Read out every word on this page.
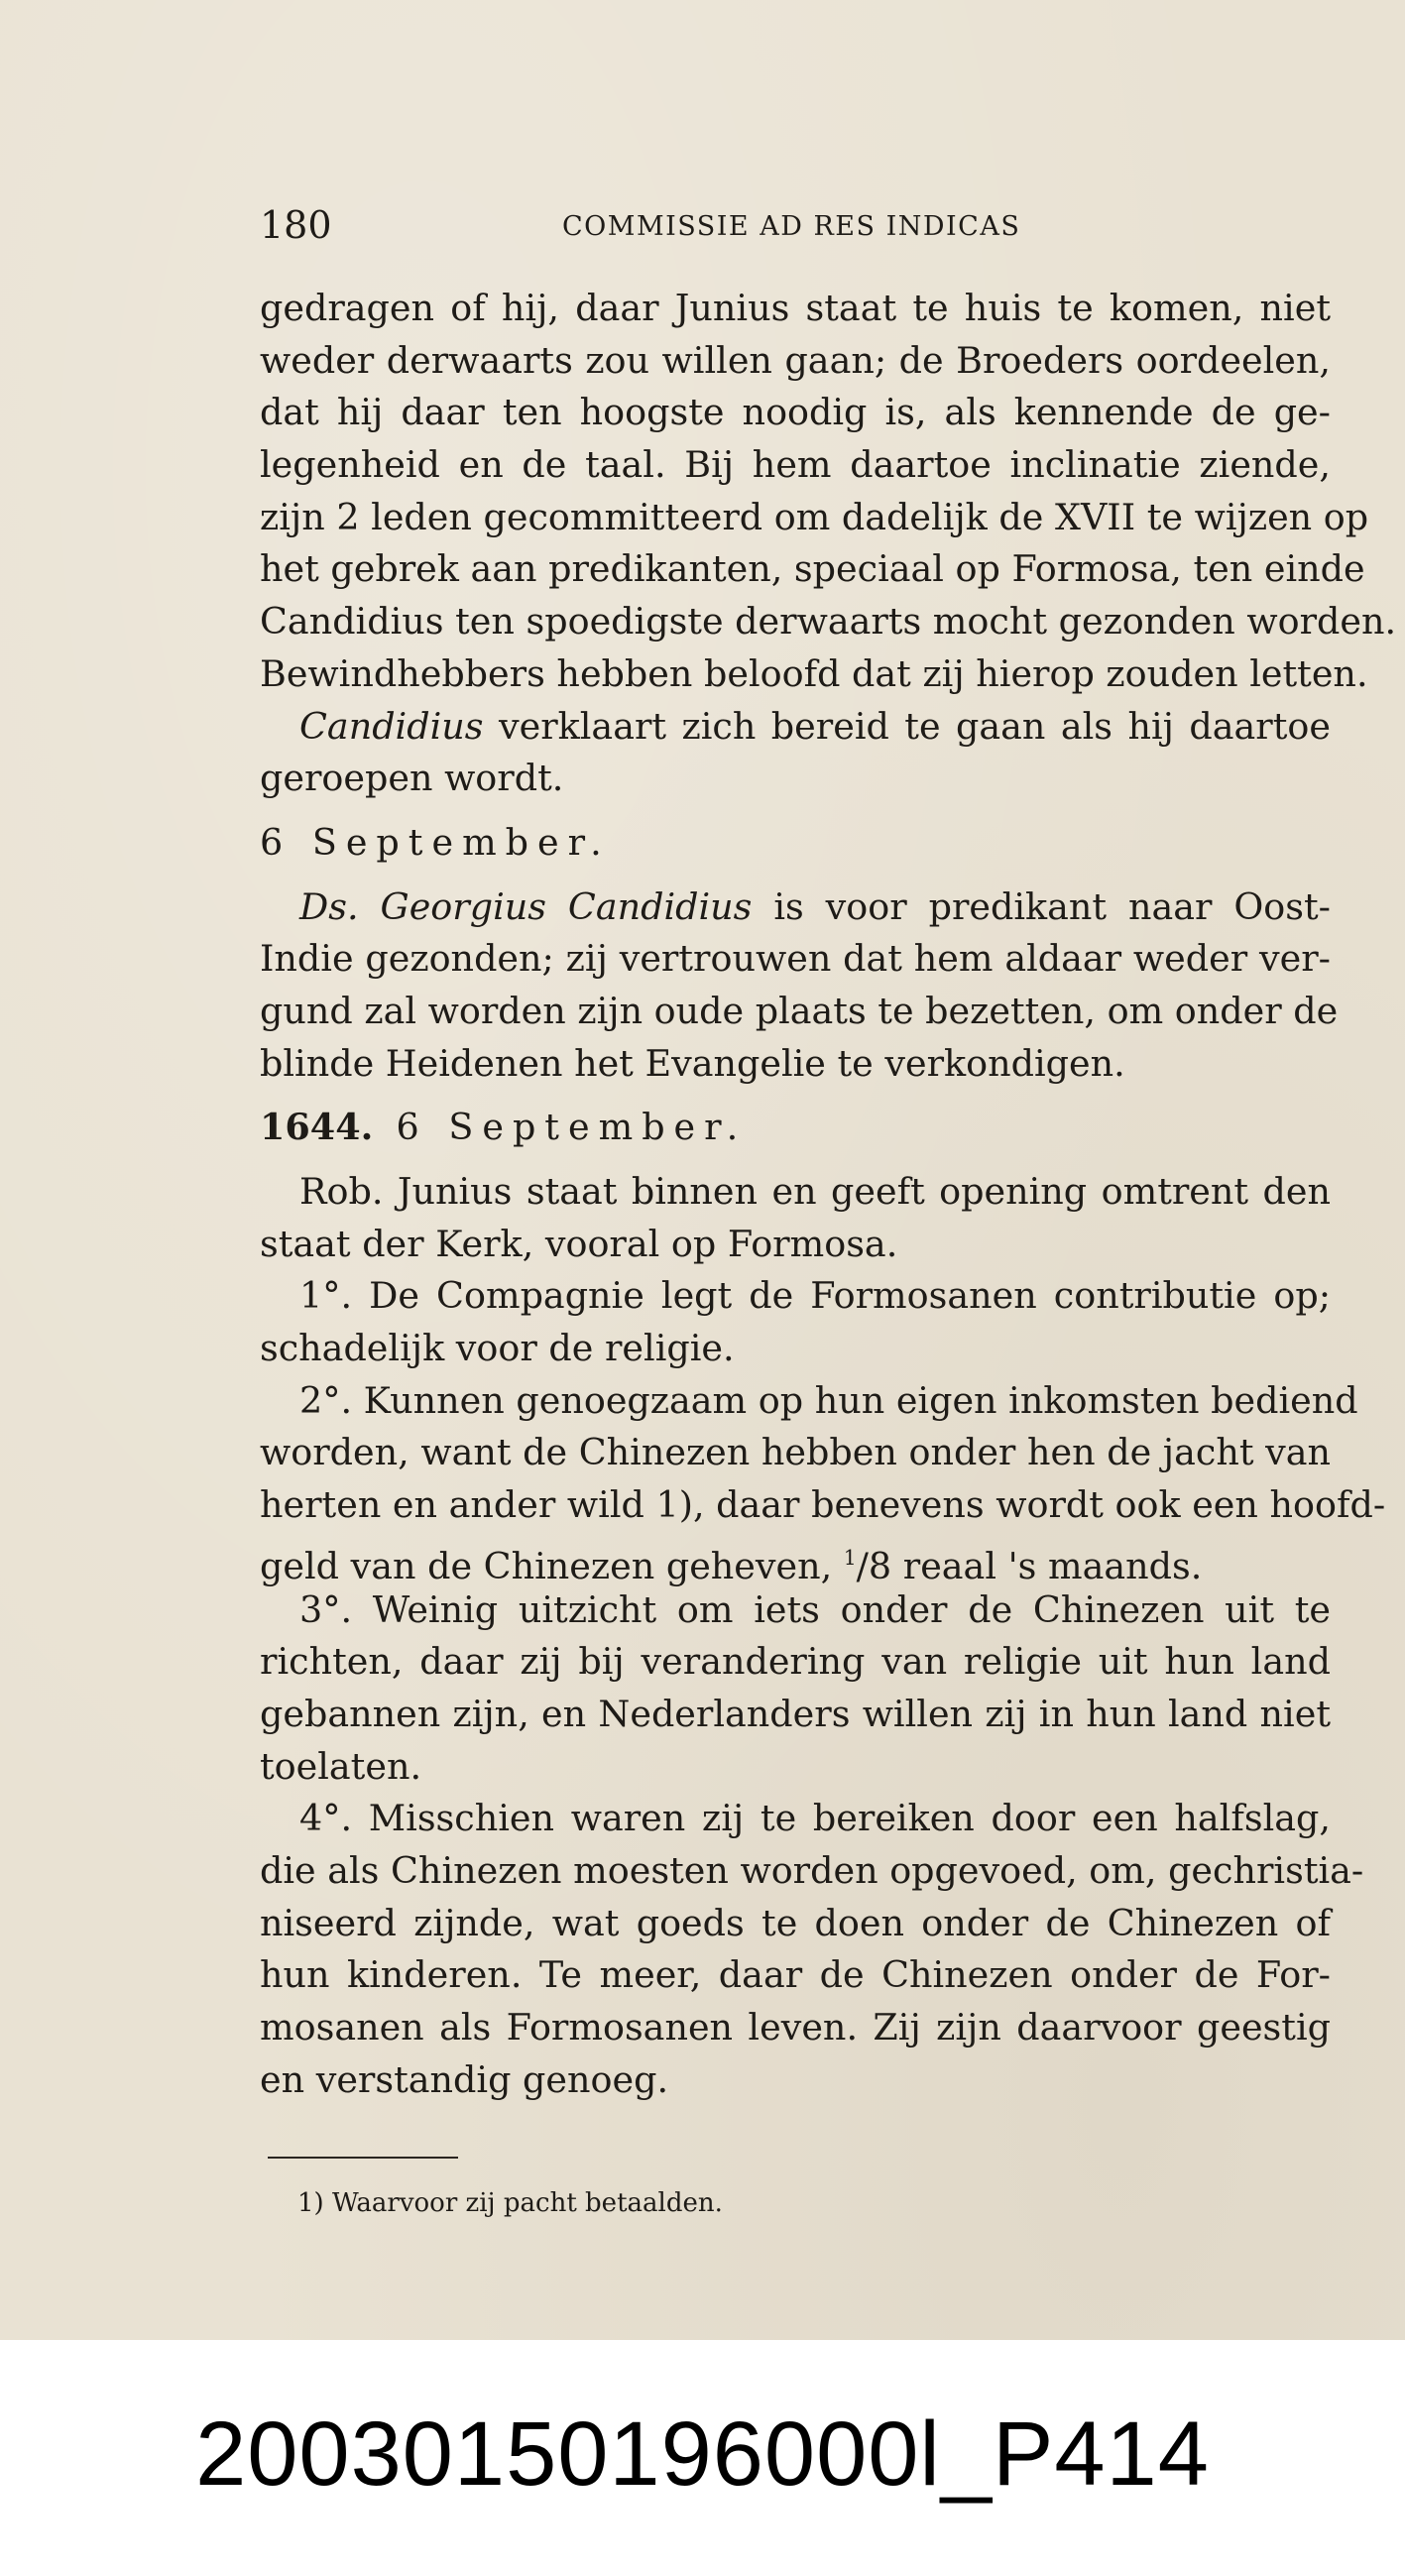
180	COMMISSIE AD RES INDICAS
gedragen of hij, daar Junius staat te huis te komen, niet
weder derwaarts zou willen gaan; de Broeders oordeelen,
dat hij daar ten hoogste noodig is, als kennende de ge-
legenheid en de taal. Bij hem daartoe inclinatie ziende,
zijn 2 leden gecommitteerd om dadelijk de XVII te wijzen op
het gebrek aan predikanten, speciaal op Formosa, ten einde
Candidius ten spoedigste derwaarts mocht gezonden worden.
Bewindhebbers hebben beloofd dat zij hierop zouden letten.
Candidius verklaart zich bereid te gaan als hij daartoe
geroepen wordt.
6 September.
Ds. Georgius Candidius is voor predikant naar Oost-
Indie gezonden; zij vertrouwen dat hem aldaar weder ver-
gund zal worden zijn oude plaats te bezetten, om onder de
blinde Heidenen het Evangelie te verkondigen.
1644. 6 September.
Rob. Junius staat binnen en geeft opening omtrent den
staat der Kerk, vooral op Formosa.
1°. De Compagnie legt de Formosanen contributie op;
schadelijk voor de religie.
2°. Kunnen genoegzaam op hun eigen inkomsten bediend
worden, want de Chinezen hebben onder hen de jacht van
herten en ander wild 1), daar benevens wordt ook een hoofd-
geld van de Chinezen geheven, $^1$/8 reaal 's maands.
3°. Weinig uitzicht om iets onder de Chinezen uit te
richten, daar zij bij verandering van religie uit hun land
gebannen zijn, en Nederlanders willen zij in hun land niet
toelaten.
4°. Misschien waren zij te bereiken door een halfslag,
die als Chinezen moesten worden opgevoed, om, gechristia-
niseerd zijnde, wat goeds te doen onder de Chinezen of
hun kinderen. Te meer, daar de Chinezen onder de For-
mosanen als Formosanen leven. Zij zijn daarvoor geestig
en verstandig genoeg.
1) Waarvoor zij pacht betaalden.
20030150196000l_P414
